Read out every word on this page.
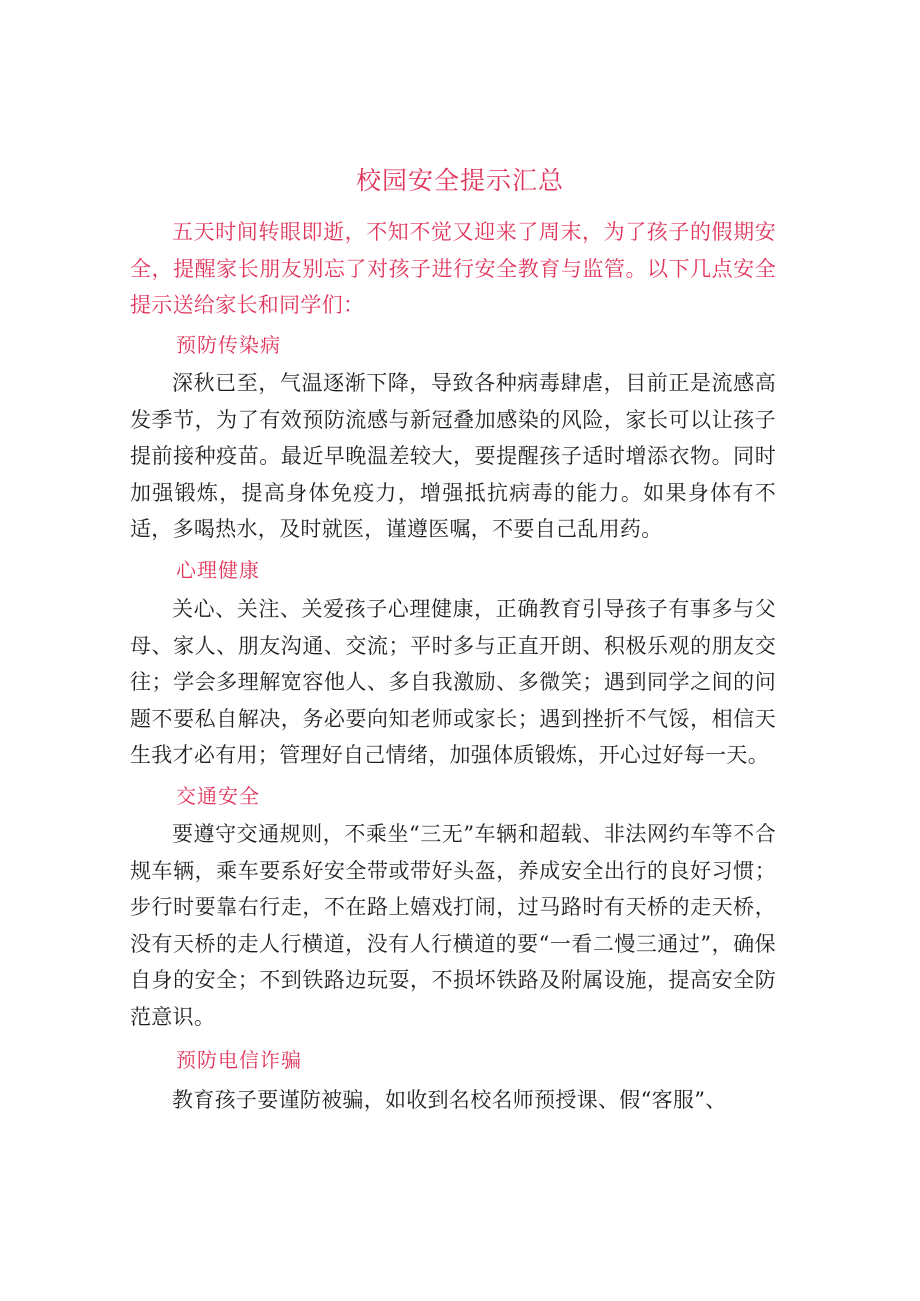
校园安全提示汇总

五天时间转眼即逝，不知不觉又迎来了周末，为了孩子的假期安全，提醒家长朋友别忘了对孩子进行安全教育与监管。以下几点安全提示送给家长和同学们：

预防传染病

深秋已至，气温逐渐下降，导致各种病毒肆虐，目前正是流感高发季节，为了有效预防流感与新冠叠加感染的风险，家长可以让孩子提前接种疫苗。最近早晚温差较大，要提醒孩子适时增添衣物。同时加强锻炼，提高身体免疫力，增强抵抗病毒的能力。如果身体有不适，多喝热水，及时就医，谨遵医嘱，不要自己乱用药。

心理健康

关心、关注、关爱孩子心理健康，正确教育引导孩子有事多与父母、家人、朋友沟通、交流；平时多与正直开朗、积极乐观的朋友交往；学会多理解宽容他人、多自我激励、多微笑；遇到同学之间的问题不要私自解决，务必要向知老师或家长；遇到挫折不气馁，相信天生我才必有用；管理好自己情绪，加强体质锻炼，开心过好每一天。

交通安全

要遵守交通规则，不乘坐“三无”车辆和超载、非法网约车等不合规车辆，乘车要系好安全带或带好头盔，养成安全出行的良好习惯；步行时要靠右行走，不在路上嬉戏打闹，过马路时有天桥的走天桥，没有天桥的走人行横道，没有人行横道的要“一看二慢三通过”，确保自身的安全；不到铁路边玩耍，不损坏铁路及附属设施，提高安全防范意识。

预防电信诈骗

教育孩子要谨防被骗，如收到名校名师预授课、假“客服”、
